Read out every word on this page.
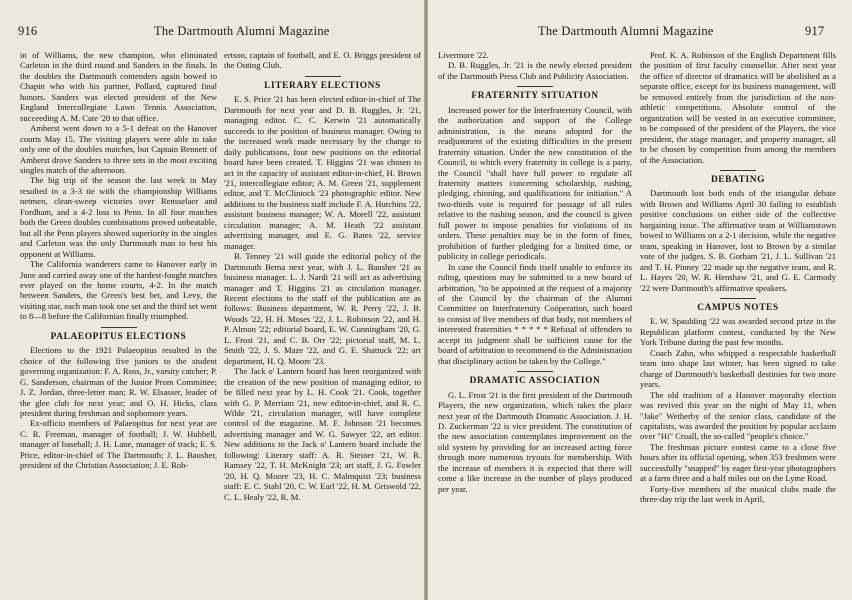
916	The Dartmouth Alumni Magazine

in of Williams, the new champion, who eliminated Carleton in the third round and Sanders in the finals. In the doubles the Dartmouth contenders again bowed to Chapin who with his partner, Pollard, captured final honors. Sanders was elected president of the New England Intercollegiate Lawn Tennis Association, succeeding A. M. Cate '20 to that office.

Amherst went down to a 5-1 defeat on the Hanover courts May 15. The visiting players were able to take only one of the doubles matches, but Captain Bennett of Amherst drove Sanders to three sets in the most exciting singles match of the afternoon.

The big trip of the season the last week in May resulted in a 3-3 tie with the championship Williams netmen, clean-sweep victories over Rensselaer and Fordham, and a 4-2 loss to Penn. In all four matches both the Green doubles combinations proved unbeatable, but all the Penn players showed superiority in the singles and Carleton was the only Dartmouth man to best his opponent at Williams.

The California wanderers came to Hanover early in June and carried away one of the hardest-fought matches ever played on the home courts, 4-2. In the match between Sanders, the Green's best bet, and Levy, the visiting star, each man took one set and the third set went to 8—8 before the Californian finally triumphed.

PALAEOPITUS ELECTIONS

Elections to the 1921 Palaeopitus resulted in the choice of the following five juniors to the student governing organization: F. A. Ross, Jr., varsity catcher; P. G. Sanderson, chairman of the Junior Prom Committee; J. Z. Jordan, three-letter man; R. W. Elsasser, leader of the glee club for next year; and O. H. Hicks, class president during freshman and sophomore years.

Ex-officio members of Palaeopitus for next year are C. R. Freeman, manager of football; J. W. Hubbell, manager of baseball; J. H. Lane, manager of track; E. S. Price, editor-in-chief of The Dartmouth; J. L. Bausher, president of the Christian Association; J. E. Rob-

ertson, captain of football, and E. O. Briggs president of the Outing Club.

LITERARY ELECTIONS

E. S. Price '21 has been elected editor-in-chief of The Dartmouth for next year and D. B. Ruggles, Jr. '21, managing editor. C. C. Kerwin '21 automatically succeeds to the position of business manager. Owing to the increased work made necessary by the change to daily publications, four new positions on the editorial board have been created. T. Higgins '21 was chosen to act in the capacity of assistant editor-in-chief, H. Brown '21, intercollegiate editor; A. M. Green '21, supplement editor, and T. McClintock '23 photographic editor. New additions to the business staff include F. A. Hutchins '22, assistant business manager; W. A. Morell '22, assistant circulation manager; A. M. Heath '22 assistant advertising manager, and E. G. Bates '22, service manager.

B. Tenney '21 will guide the editorial policy of the Dartmouth Bema next year, with J. L. Bausher '21 as business manager. L. J. Nardi '21 will act as advertising manager and T. Higgins '21 as circulation manager. Recent elections to the staff of the publication are as follows: Business department, W. R. Perry '22, J. B. Woods '22, H. H. Moses '22, J. L. Robinson '22, and H. P. Almon '22; editorial board, E. W. Cunningham '20, G. L. Frost '21, and C. B. Orr '22; pictorial staff, M. L. Smith '22, J. S. Maze '22, and G. E. Shattuck '22; art department, H. Q. Moore '23.

The Jack o' Lantern board has been reorganized with the creation of the new position of managing editor, to be filled next year by L. H. Cook '21. Cook, together with G. P. Merriam '21, new editor-in-chief, and R. C. Wilde '21, circulation manager, will have complete control of the magazine. M. F. Johnson '21 becomes advertising manager and W. G. Sawyer '22, art editor. New additions to the Jack o' Lantern board include the following: Literary staff: A. R. Steiner '21, W. R. Ramsey '22, T. H. McKnight '23; art staff, J. G. Fowler '20, H. Q. Moore '23, H. C. Malmquist '23; business staff: E. C. Stahl '20, C. W. Earl '22, H. M. Griswold '22, C. L. Healy '22, R. M.

The Dartmouth Alumni Magazine	917

Livermore '22.

D. B. Ruggles, Jr. '21 is the newly elected president of the Dartmouth Press Club and Publicity Association.

FRATERNITY SITUATION

Increased power for the Interfraternity Council, with the authorization and support of the College administration, is the means adopted for the readjustment of the existing difficulties in the present fraternity situation. Under the new constitution of the Council, to which every fraternity in college is a party, the Council "shall have full power to regulate all fraternity matters concerning scholarship, rushing, pledging, chinning, and qualifications for initiation." A two-thirds vote is required for passage of all rules relative to the rushing season, and the council is given full power to impose penalties for violations of its orders. These penalties may be in the form of fines, prohibition of further pledging for a limited time, or publicity in college periodicals.

In case the Council finds itself unable to enforce its ruling, questions may be submitted to a new board of arbitration, "to be appointed at the request of a majority of the Council by the chairman of the Alumni Committee on Interfraternity Coöperation, such board to consist of five members of that body, not members of interested fraternities * * * * * Refusal of offenders to accept its judgment shall be sufficient cause for the board of arbitration to recommend to the Administration that disciplinary action be taken by the College."

DRAMATIC ASSOCIATION

G. L. Frost '21 is the first president of the Dartmouth Players, the new organization, which takes the place next year of the Dartmouth Dramatic Association. J. H. D. Zuckerman '22 is vice president. The constitution of the new association contemplates improvement on the old system by providing for an increased acting force through more numerous tryouts for membership. With the increase of members it is expected that there will come a like increase in the number of plays produced per year.

Prof. K. A. Robinson of the English Department fills the position of first faculty counsellor. After next year the office of director of dramatics will be abolished as a separate office, except for its business management, will be removed entirely from the jurisdiction of the non-athletic competitions. Absolute control of the organization will be vested in an executive committee, to be composed of the president of the Players, the vice president, the stage manager, and property manager, all to be chosen by competition from among the members of the Association.

DEBATING

Dartmouth lost both ends of the triangular debate with Brown and Williams April 30 failing to establish positive conclusions on either side of the collective bargaining issue. The affirmative team at Williamstown bowed to Williams on a 2-1 decision, while the negative team, speaking in Hanover, lost to Brown by a similar vote of the judges. S. B. Gorham '21, J. L. Sullivan '21 and T. H. Pinney '22 made up the negative team, and R. L. Hayes '20, W. R. Henshaw '21, and G. E. Carmody '22 were Dartmouth's affirmative speakers.

CAMPUS NOTES

E. W. Spaulding '22 was awarded second prize in the Republican platform contest, conducted by the New York Tribune during the past few months.

Coach Zahn, who whipped a respectable basketball team into shape last winter, has been signed to take charge of Dartmouth's basketball destinies for two more years.

The old tradition of a Hanover mayoralty election was revived this year on the night of May 11, when "Jake" Wetherby of the senior class, candidate of the capitalists, was awarded the position by popular acclaim over "Hi" Croall, the so-called "people's choice."

The freshman picture contest came to a close five hours after its official opening, when 353 freshmen were successfully "snapped" by eager first-year photographers at a farm three and a half miles out on the Lyme Road.

Forty-five members of the musical clubs made the three-day trip the last week in April,
